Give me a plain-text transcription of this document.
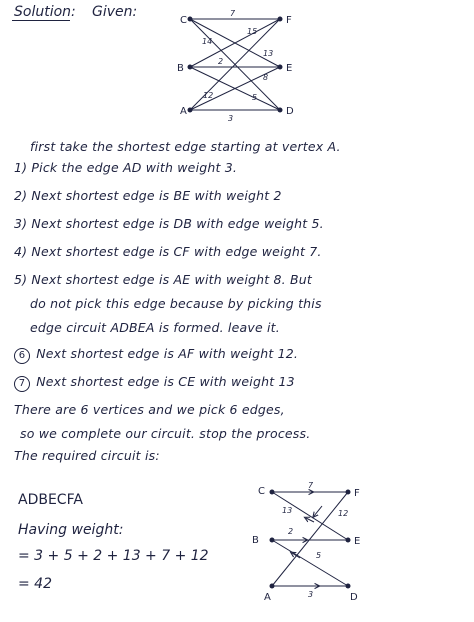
Solution: Given:
C	F
B	E
A	D
7
14
15
2
13
8
12	5
3
first take the shortest edge starting at vertex A.
1) Pick the edge AD with weight 3.
2) Next shortest edge is BE with weight 2
3) Next shortest edge is DB with edge weight 5.
4) Next shortest edge is CF with edge weight 7.
5) Next shortest edge is AE with weight 8. But
do not pick this edge because by picking this
edge circuit ADBEA is formed. leave it.
6 Next shortest edge is AF with weight 12.
7 Next shortest edge is CE with weight 13
There are 6 vertices and we pick 6 edges,
so we complete our circuit. stop the process.
The required circuit is:
ADBECFA
Having weight:
= 3 + 5 + 2 + 13 + 7 + 12
= 42
C	F
B	E
A	D
7
13	12
2
5
3
